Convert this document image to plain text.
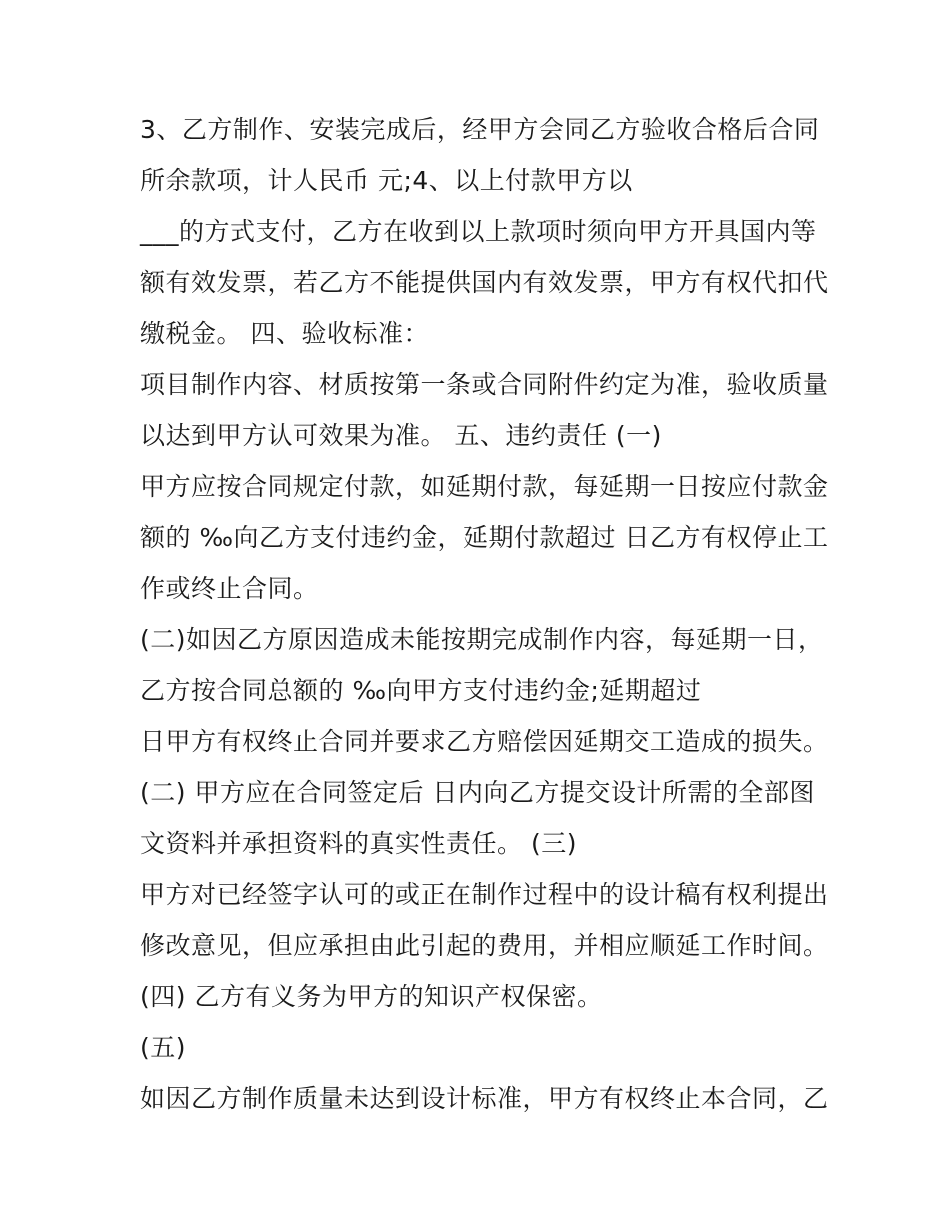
3、乙方制作、安装完成后，经甲方会同乙方验收合格后合同

所余款项，计人民币 元;4、以上付款甲方以

___的方式支付，乙方在收到以上款项时须向甲方开具国内等

额有效发票，若乙方不能提供国内有效发票，甲方有权代扣代

缴税金。 四、验收标准：

项目制作内容、材质按第一条或合同附件约定为准，验收质量

以达到甲方认可效果为准。 五、违约责任 (一)

甲方应按合同规定付款，如延期付款，每延期一日按应付款金

额的 ‰向乙方支付违约金，延期付款超过 日乙方有权停止工

作或终止合同。

(二)如因乙方原因造成未能按期完成制作内容，每延期一日，

乙方按合同总额的 ‰向甲方支付违约金;延期超过

日甲方有权终止合同并要求乙方赔偿因延期交工造成的损失。

(二) 甲方应在合同签定后 日内向乙方提交设计所需的全部图

文资料并承担资料的真实性责任。 (三)

甲方对已经签字认可的或正在制作过程中的设计稿有权利提出

修改意见，但应承担由此引起的费用，并相应顺延工作时间。

(四) 乙方有义务为甲方的知识产权保密。

(五)

如因乙方制作质量未达到设计标准，甲方有权终止本合同，乙
